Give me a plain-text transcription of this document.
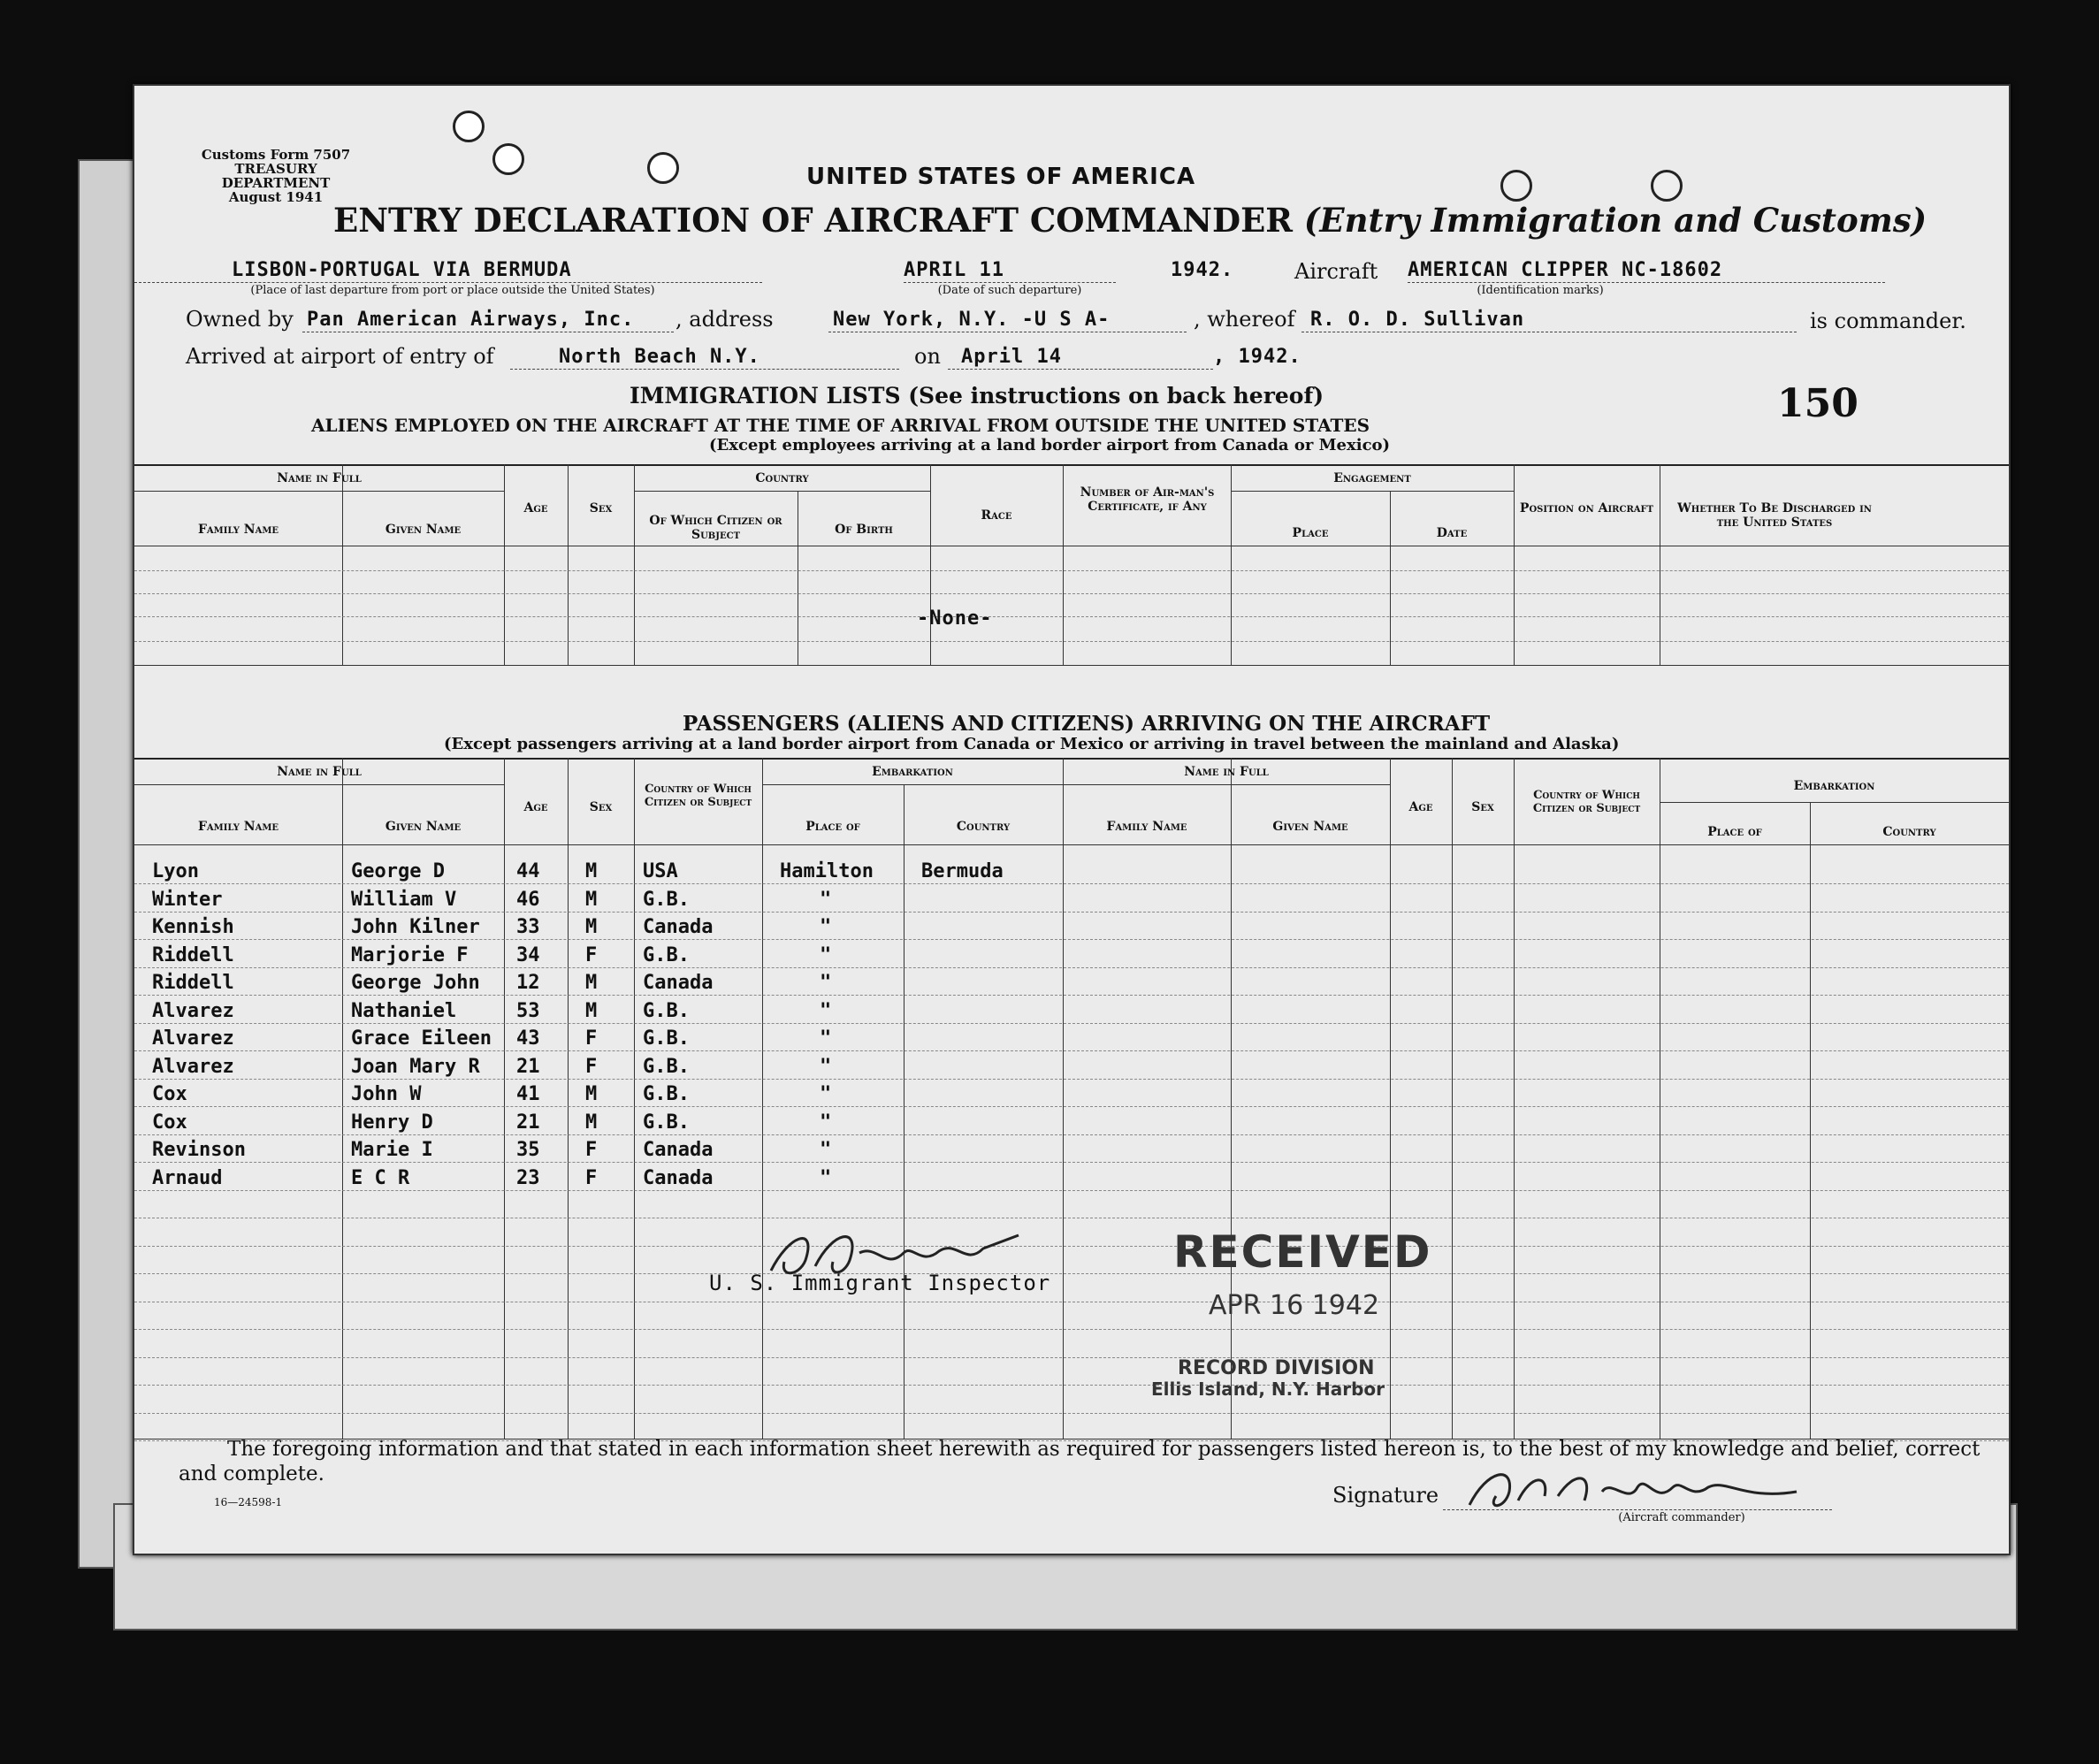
Customs Form 7507
TREASURY DEPARTMENT
August 1941
UNITED STATES OF AMERICA
ENTRY DECLARATION OF AIRCRAFT COMMANDER (Entry Immigration and Customs)
LISBON-PORTUGAL VIA BERMUDA
(Place of last departure from port or place outside the United States)
APRIL 11
(Date of such departure)
1942.	Aircraft AMERICAN CLIPPER NC-18602
(Identification marks)
Owned by Pan American Airways, Inc. , address	New York, N.Y. -U S A-	, whereof R. O. D. Sullivan	is commander.
Arrived at airport of entry of	North Beach N.Y.	on April 14	, 1942.
IMMIGRATION LISTS (See instructions on back hereof)	150
ALIENS EMPLOYED ON THE AIRCRAFT AT THE TIME OF ARRIVAL FROM OUTSIDE THE UNITED STATES
(Except employees arriving at a land border airport from Canada or Mexico)
Name in Full
Family Name	Given Name
Age	Sex
Country
Of Which Citizen or Subject	Of Birth
Race
Number of Air-man's Certificate, if Any
Engagement
Place	Date
Position on Aircraft	Whether To Be Discharged in the United States
-None-
PASSENGERS (ALIENS AND CITIZENS) ARRIVING ON THE AIRCRAFT
(Except passengers arriving at a land border airport from Canada or Mexico or arriving in travel between the mainland and Alaska)
Name in Full
Family Name	Given Name
Age	Sex
Country of Which Citizen or Subject
Embarkation
Place of	Country
Name in Full
Family Name	Given Name
Age	Sex
Country of Which Citizen or Subject
Embarkation
Place of	Country
Lyon	George D	44 M USA	Hamilton Bermuda
Winter	William V	46 M G.B.	"
Kennish	John Kilner 33 M Canada	"
Riddell	Marjorie F 34 F G.B.	"
Riddell	George John 12 M Canada	"
Alvarez	Nathaniel	53 M G.B.	"
Alvarez	Grace Eileen 43 F G.B.	"
Alvarez	Joan Mary R 21 F G.B.	"
Cox	John W	41 M G.B.	"
Cox	Henry D	21 M G.B.	"
Revinson	Marie I	35 F Canada	"
Arnaud	E C R	23 F Canada	"
U. S. Immigrant Inspector
RECEIVED
APR 16 1942
RECORD DIVISION
Ellis Island, N.Y. Harbor
The foregoing information and that stated in each information sheet herewith as required for passengers listed hereon is, to the best of my knowledge and belief, correct and complete.
16—24598-1	Signature
(Aircraft commander)
